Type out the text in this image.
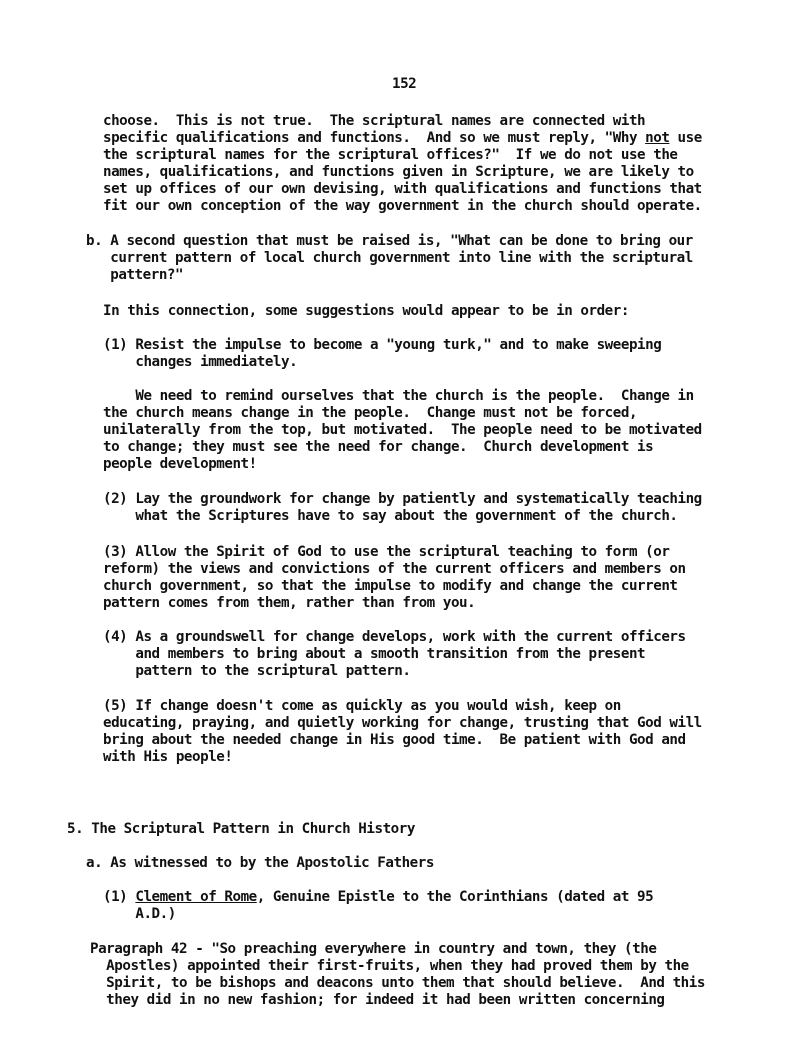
152
choose.  This is not true.  The scriptural names are connected with
specific qualifications and functions.  And so we must reply, "Why not use
the scriptural names for the scriptural offices?"  If we do not use the
names, qualifications, and functions given in Scripture, we are likely to
set up offices of our own devising, with qualifications and functions that
fit our own conception of the way government in the church should operate.
b. A second question that must be raised is, "What can be done to bring our
current pattern of local church government into line with the scriptural
pattern?"
In this connection, some suggestions would appear to be in order:
(1) Resist the impulse to become a "young turk," and to make sweeping
changes immediately.
We need to remind ourselves that the church is the people.  Change in
the church means change in the people.  Change must not be forced,
unilaterally from the top, but motivated.  The people need to be motivated
to change; they must see the need for change.  Church development is
people development!
(2) Lay the groundwork for change by patiently and systematically teaching
what the Scriptures have to say about the government of the church.
(3) Allow the Spirit of God to use the scriptural teaching to form (or
reform) the views and convictions of the current officers and members on
church government, so that the impulse to modify and change the current
pattern comes from them, rather than from you.
(4) As a groundswell for change develops, work with the current officers
and members to bring about a smooth transition from the present
pattern to the scriptural pattern.
(5) If change doesn't come as quickly as you would wish, keep on
educating, praying, and quietly working for change, trusting that God will
bring about the needed change in His good time.  Be patient with God and
with His people!
5. The Scriptural Pattern in Church History
a. As witnessed to by the Apostolic Fathers
(1) Clement of Rome, Genuine Epistle to the Corinthians (dated at 95
A.D.)
Paragraph 42 - "So preaching everywhere in country and town, they (the
Apostles) appointed their first-fruits, when they had proved them by the
Spirit, to be bishops and deacons unto them that should believe.  And this
they did in no new fashion; for indeed it had been written concerning
